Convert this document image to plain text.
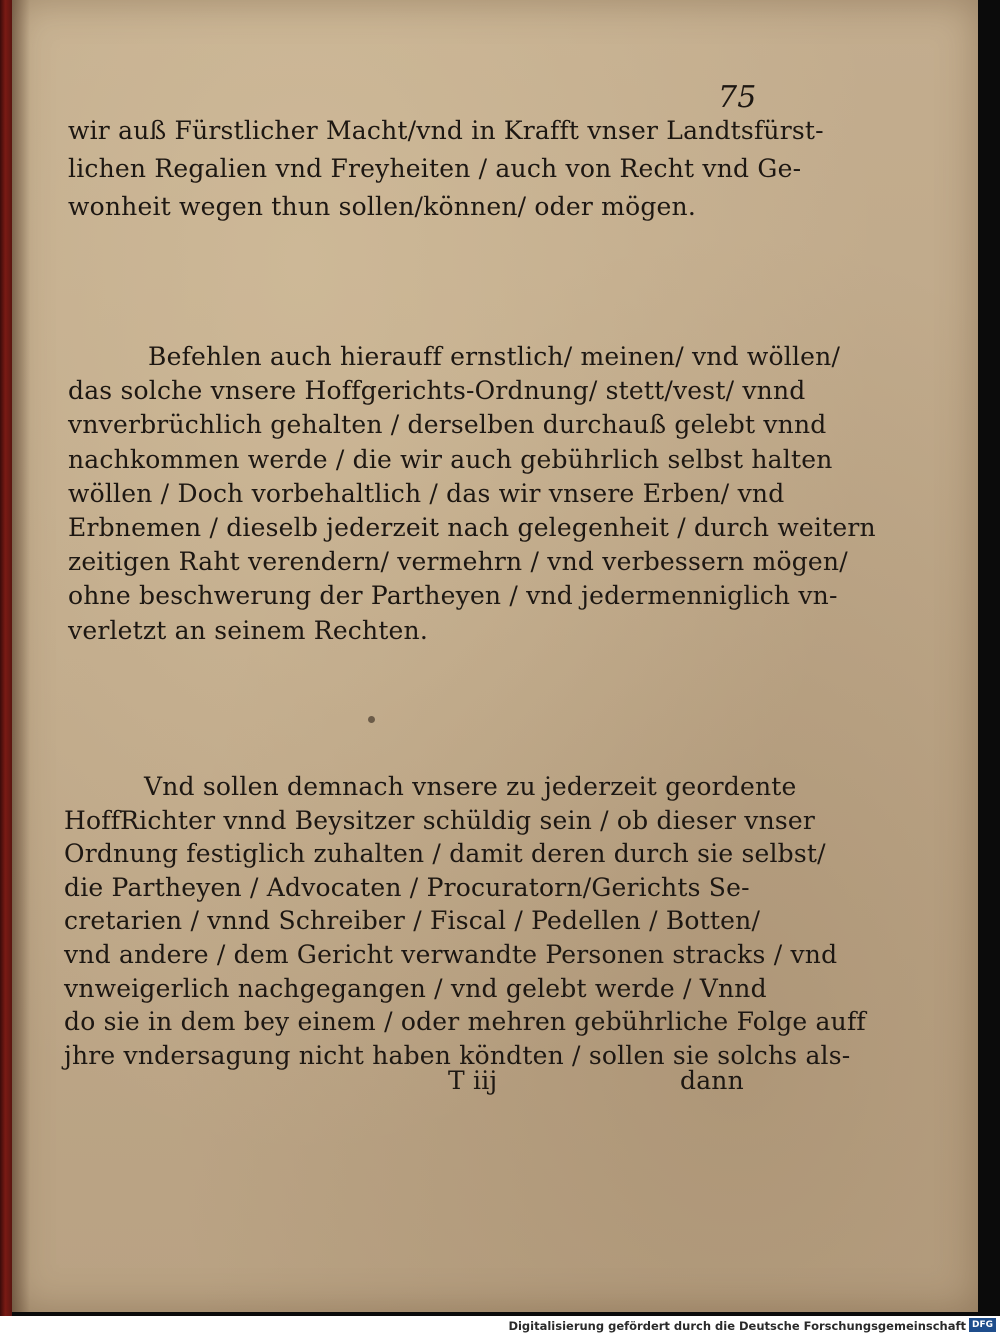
75
wir auß Fürstlicher Macht/vnd in Krafft vnser Landtsfürst-
lichen Regalien vnd Freyheiten / auch von Recht vnd Ge-
wonheit wegen thun sollen/können/ oder mögen.
Befehlen auch hierauff ernstlich/ meinen/ vnd wöllen/
das solche vnsere Hoffgerichts-Ordnung/ stett/vest/ vnnd
vnverbrüchlich gehalten / derselben durchauß gelebt vnnd
nachkommen werde / die wir auch gebührlich selbst halten
wöllen / Doch vorbehaltlich / das wir vnsere Erben/ vnd
Erbnemen / dieselb jederzeit nach gelegenheit / durch weitern
zeitigen Raht verendern/ vermehrn / vnd verbessern mögen/
ohne beschwerung der Partheyen / vnd jedermenniglich vn-
verletzt an seinem Rechten.
Vnd sollen demnach vnsere zu jederzeit geordente
HoffRichter vnnd Beysitzer schüldig sein / ob dieser vnser
Ordnung festiglich zuhalten / damit deren durch sie selbst/
die Partheyen / Advocaten / Procuratorn/Gerichts Se-
cretarien / vnnd Schreiber / Fiscal / Pedellen / Botten/
vnd andere / dem Gericht verwandte Personen stracks / vnd
vnweigerlich nachgegangen / vnd gelebt werde / Vnnd
do sie in dem bey einem / oder mehren gebührliche Folge auff
jhre vndersagung nicht haben köndten / sollen sie solchs als-
T iij	dann
Digitalisierung gefördert durch die Deutsche Forschungsgemeinschaft DFG
